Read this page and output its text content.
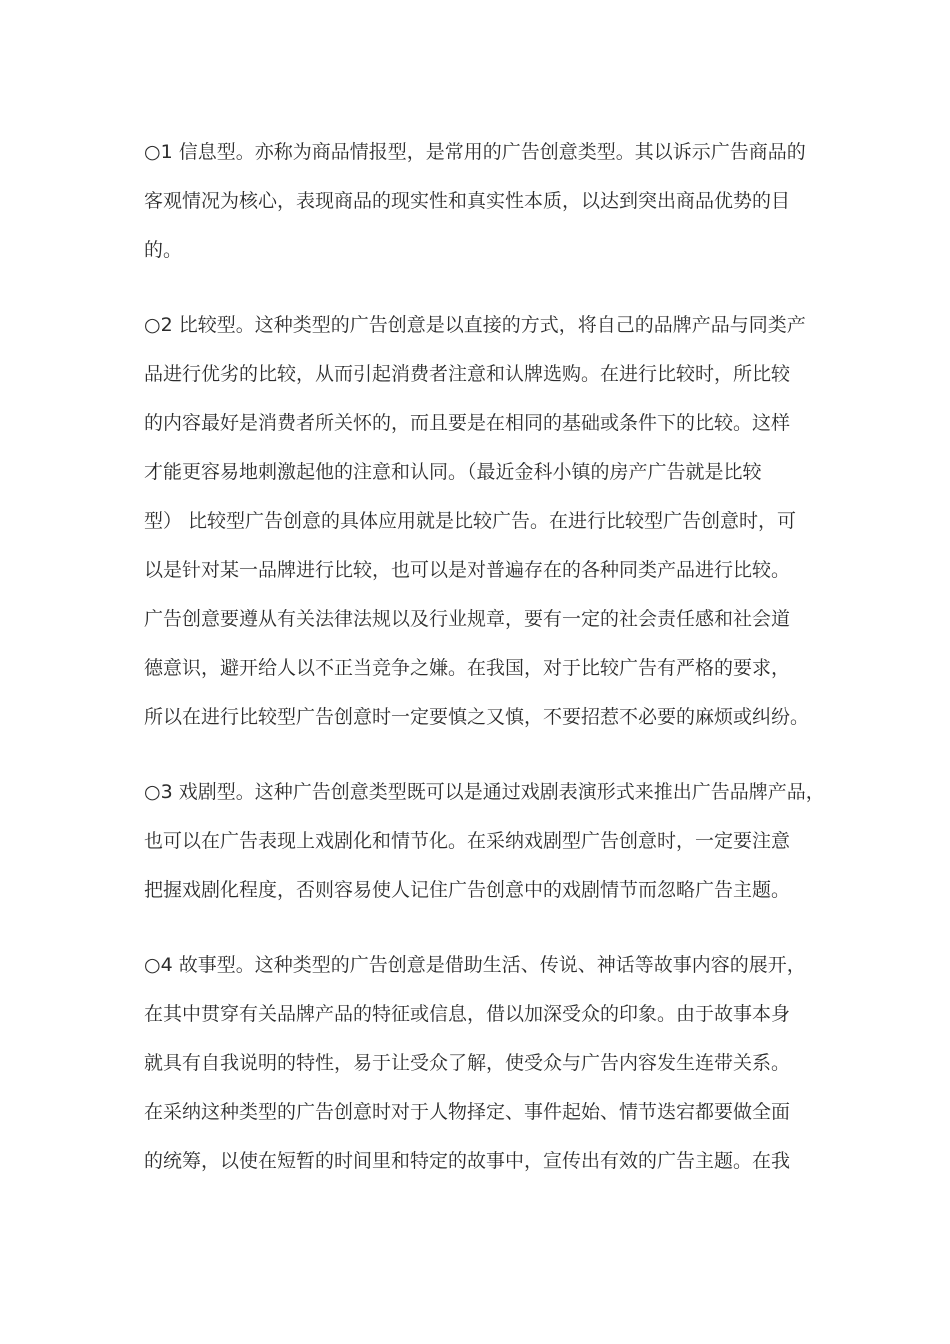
○1 信息型。亦称为商品情报型，是常用的广告创意类型。其以诉示广告商品的
客观情况为核心，表现商品的现实性和真实性本质，以达到突出商品优势的目
的。
○2 比较型。这种类型的广告创意是以直接的方式，将自己的品牌产品与同类产
品进行优劣的比较，从而引起消费者注意和认牌选购。在进行比较时，所比较
的内容最好是消费者所关怀的，而且要是在相同的基础或条件下的比较。这样
才能更容易地刺激起他的注意和认同。（最近金科小镇的房产广告就是比较
型） 比较型广告创意的具体应用就是比较广告。在进行比较型广告创意时，可
以是针对某一品牌进行比较，也可以是对普遍存在的各种同类产品进行比较。
广告创意要遵从有关法律法规以及行业规章，要有一定的社会责任感和社会道
德意识，避开给人以不正当竞争之嫌。在我国，对于比较广告有严格的要求，
所以在进行比较型广告创意时一定要慎之又慎，不要招惹不必要的麻烦或纠纷。
○3 戏剧型。这种广告创意类型既可以是通过戏剧表演形式来推出广告品牌产品，
也可以在广告表现上戏剧化和情节化。在采纳戏剧型广告创意时，一定要注意
把握戏剧化程度，否则容易使人记住广告创意中的戏剧情节而忽略广告主题。
○4 故事型。这种类型的广告创意是借助生活、传说、神话等故事内容的展开，
在其中贯穿有关品牌产品的特征或信息，借以加深受众的印象。由于故事本身
就具有自我说明的特性，易于让受众了解，使受众与广告内容发生连带关系。
在采纳这种类型的广告创意时对于人物择定、事件起始、情节迭宕都要做全面
的统筹，以使在短暂的时间里和特定的故事中，宣传出有效的广告主题。在我
